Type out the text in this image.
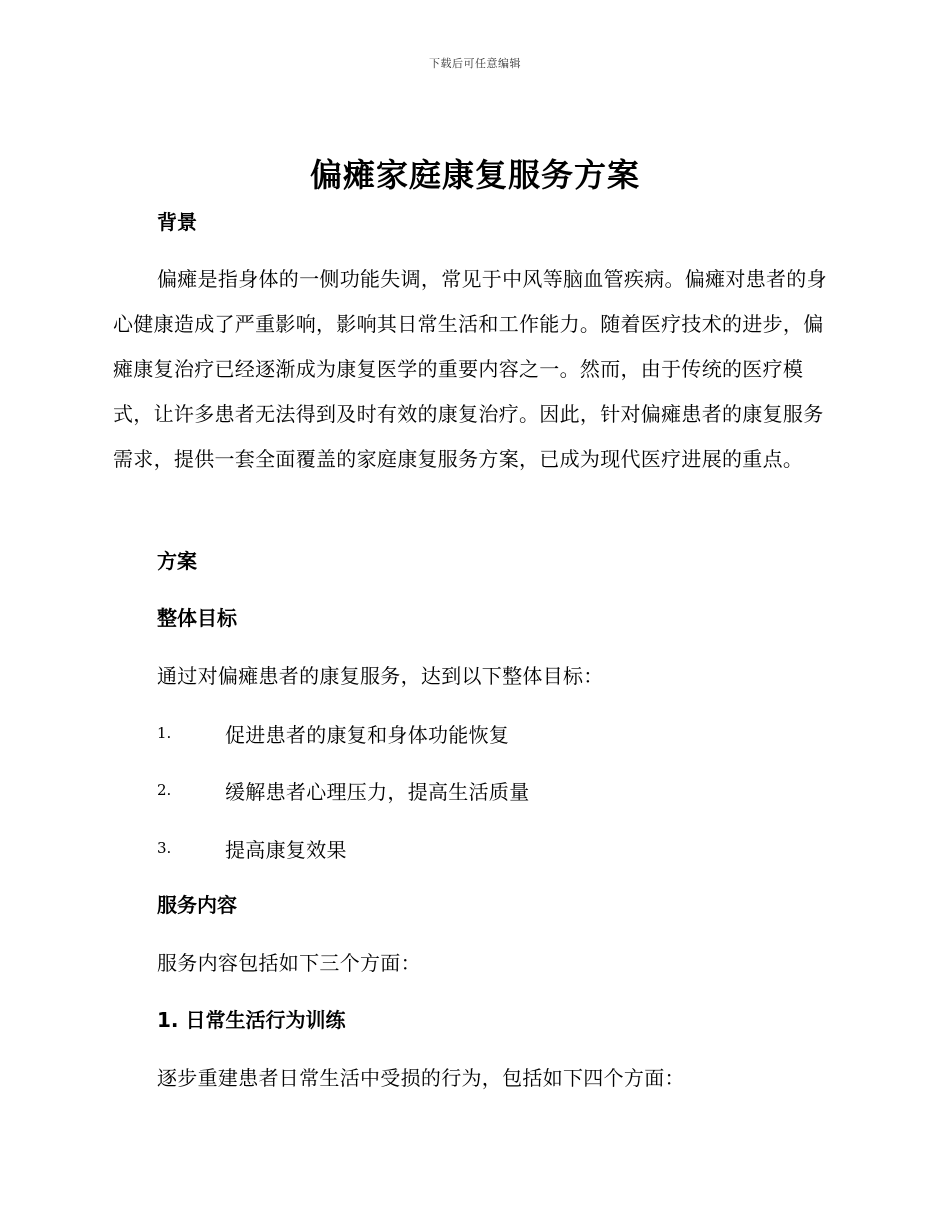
下载后可任意编辑
偏瘫家庭康复服务方案
背景

偏瘫是指身体的一侧功能失调，常见于中风等脑血管疾病。偏瘫对患者的身心健康造成了严重影响，影响其日常生活和工作能力。随着医疗技术的进步，偏瘫康复治疗已经逐渐成为康复医学的重要内容之一。然而，由于传统的医疗模式，让许多患者无法得到及时有效的康复治疗。因此，针对偏瘫患者的康复服务需求，提供一套全面覆盖的家庭康复服务方案，已成为现代医疗进展的重点。

方案
整体目标

通过对偏瘫患者的康复服务，达到以下整体目标：

1.	促进患者的康复和身体功能恢复
2.	缓解患者心理压力，提高生活质量
3.	提高康复效果
服务内容

服务内容包括如下三个方面：

1. 日常生活行为训练

逐步重建患者日常生活中受损的行为，包括如下四个方面：
